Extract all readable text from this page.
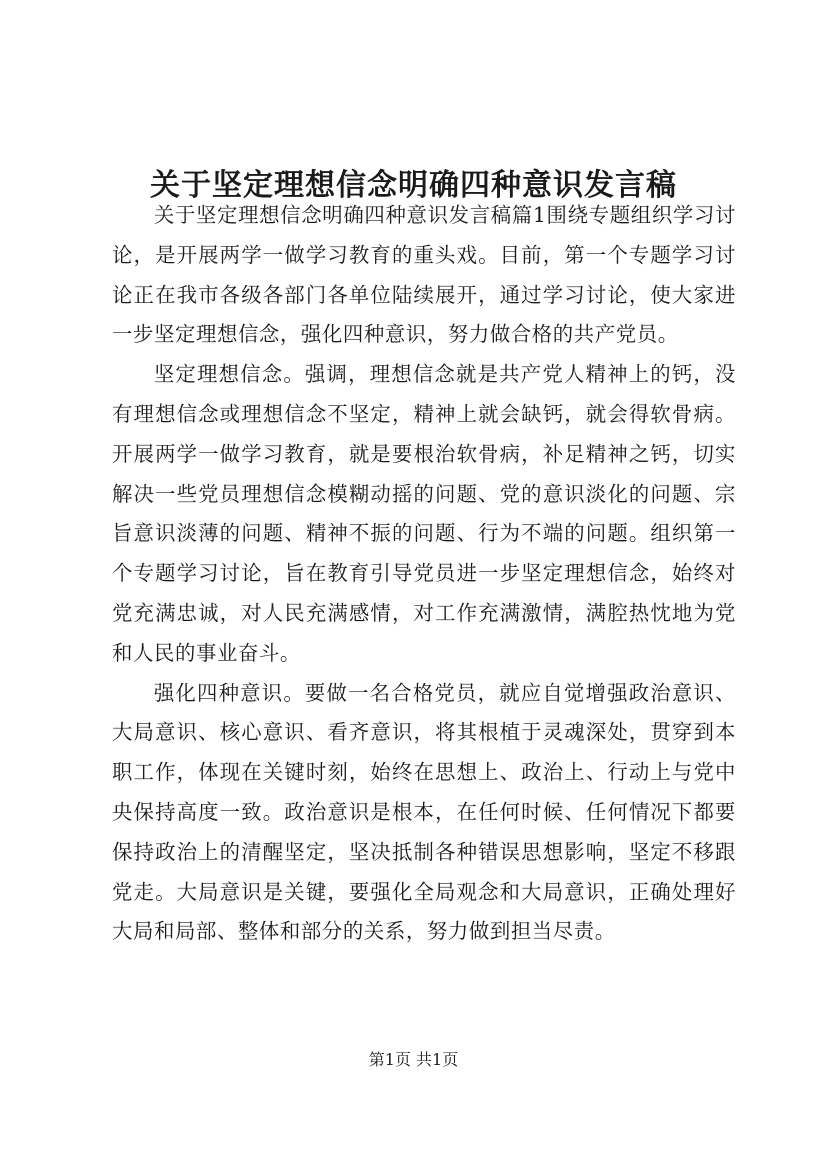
关于坚定理想信念明确四种意识发言稿

关于坚定理想信念明确四种意识发言稿篇1围绕专题组织学习讨论，是开展两学一做学习教育的重头戏。目前，第一个专题学习讨论正在我市各级各部门各单位陆续展开，通过学习讨论，使大家进一步坚定理想信念，强化四种意识，努力做合格的共产党员。

坚定理想信念。强调，理想信念就是共产党人精神上的钙，没有理想信念或理想信念不坚定，精神上就会缺钙，就会得软骨病。开展两学一做学习教育，就是要根治软骨病，补足精神之钙，切实解决一些党员理想信念模糊动摇的问题、党的意识淡化的问题、宗旨意识淡薄的问题、精神不振的问题、行为不端的问题。组织第一个专题学习讨论，旨在教育引导党员进一步坚定理想信念，始终对党充满忠诚，对人民充满感情，对工作充满激情，满腔热忱地为党和人民的事业奋斗。

强化四种意识。要做一名合格党员，就应自觉增强政治意识、大局意识、核心意识、看齐意识，将其根植于灵魂深处，贯穿到本职工作，体现在关键时刻，始终在思想上、政治上、行动上与党中央保持高度一致。政治意识是根本，在任何时候、任何情况下都要保持政治上的清醒坚定，坚决抵制各种错误思想影响，坚定不移跟党走。大局意识是关键，要强化全局观念和大局意识，正确处理好大局和局部、整体和部分的关系，努力做到担当尽责。

第1页 共1页
